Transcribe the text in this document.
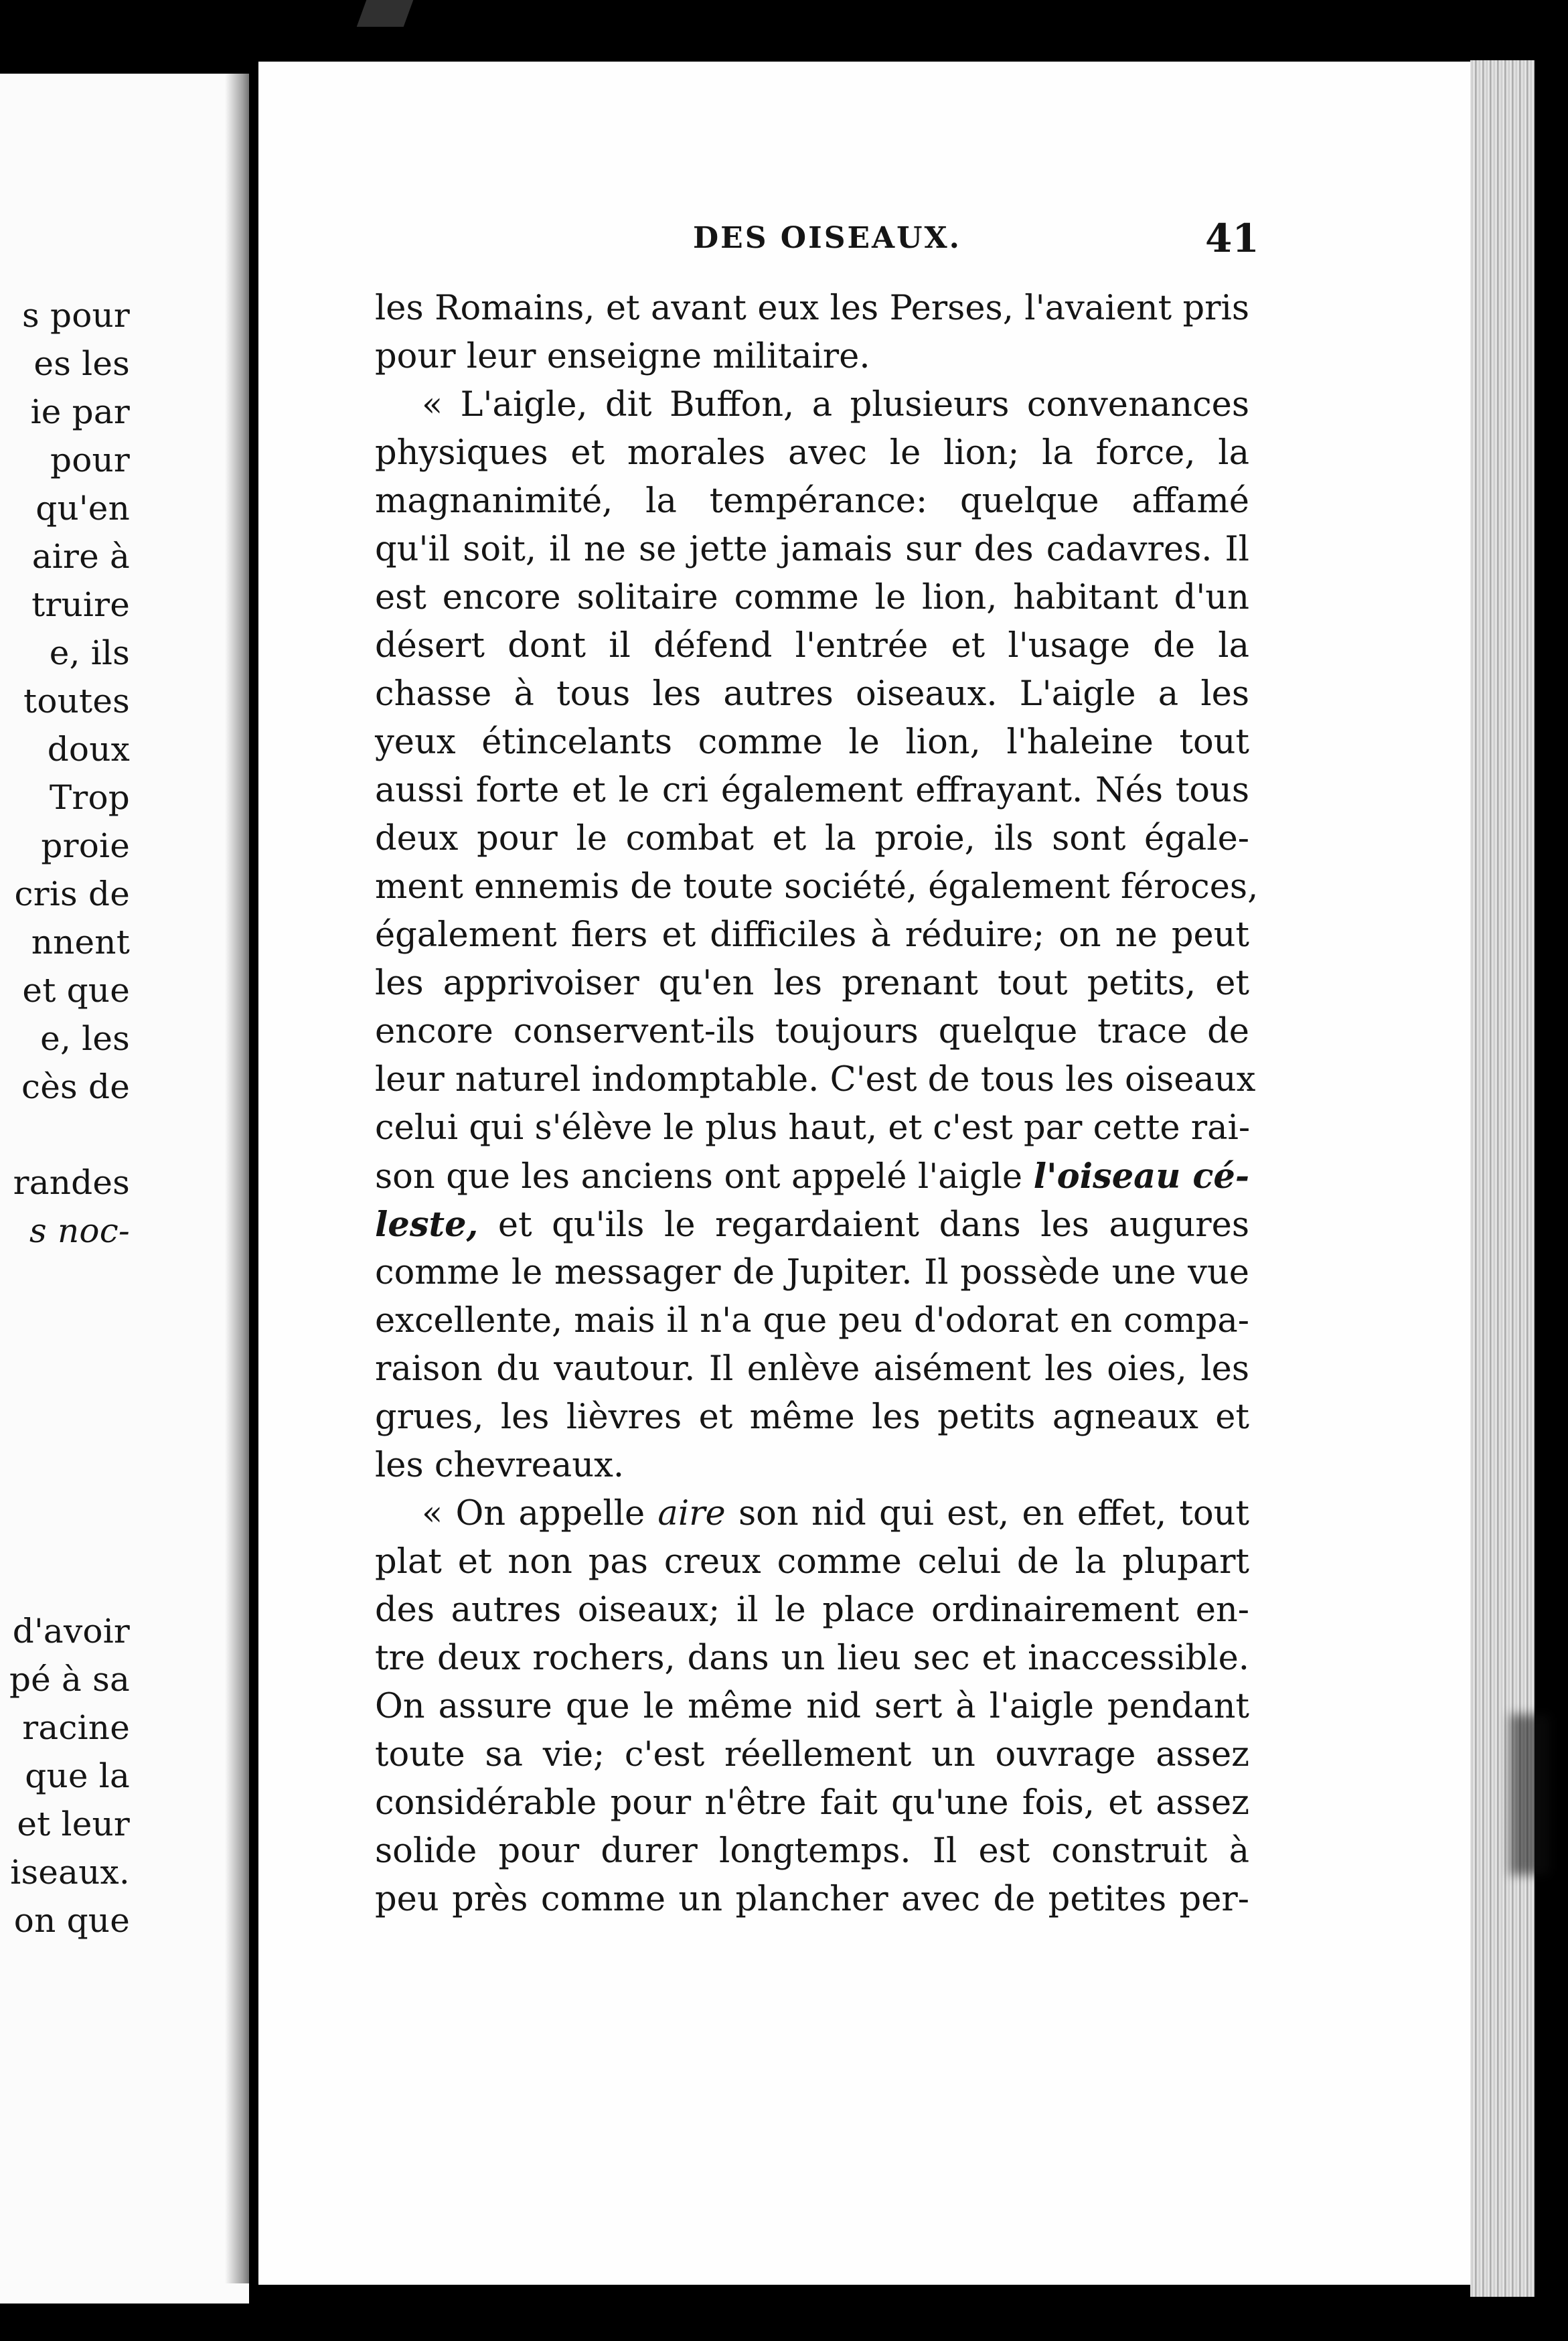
s pour
es les
ie par
pour
qu'en
aire à
truire
e, ils
toutes
doux
Trop
proie
cris de
nnent
et que
e, les
cès de
randes
s noc-
d'avoir
pé à sa
racine
que la
et leur
iseaux.
on que
DES OISEAUX.	41
les Romains, et avant eux les Perses, l'avaient pris
pour leur enseigne militaire.
« L'aigle, dit Buffon, a plusieurs convenances
physiques et morales avec le lion; la force, la
magnanimité, la tempérance: quelque affamé
qu'il soit, il ne se jette jamais sur des cadavres. Il
est encore solitaire comme le lion, habitant d'un
désert dont il défend l'entrée et l'usage de la
chasse à tous les autres oiseaux. L'aigle a les
yeux étincelants comme le lion, l'haleine tout
aussi forte et le cri également effrayant. Nés tous
deux pour le combat et la proie, ils sont égale-
ment ennemis de toute société, également féroces,
également fiers et difficiles à réduire; on ne peut
les apprivoiser qu'en les prenant tout petits, et
encore conservent-ils toujours quelque trace de
leur naturel indomptable. C'est de tous les oiseaux
celui qui s'élève le plus haut, et c'est par cette rai-
son que les anciens ont appelé l'aigle l'oiseau cé-
leste, et qu'ils le regardaient dans les augures
comme le messager de Jupiter. Il possède une vue
excellente, mais il n'a que peu d'odorat en compa-
raison du vautour. Il enlève aisément les oies, les
grues, les lièvres et même les petits agneaux et
les chevreaux.
« On appelle aire son nid qui est, en effet, tout
plat et non pas creux comme celui de la plupart
des autres oiseaux; il le place ordinairement en-
tre deux rochers, dans un lieu sec et inaccessible.
On assure que le même nid sert à l'aigle pendant
toute sa vie; c'est réellement un ouvrage assez
considérable pour n'être fait qu'une fois, et assez
solide pour durer longtemps. Il est construit à
peu près comme un plancher avec de petites per-
